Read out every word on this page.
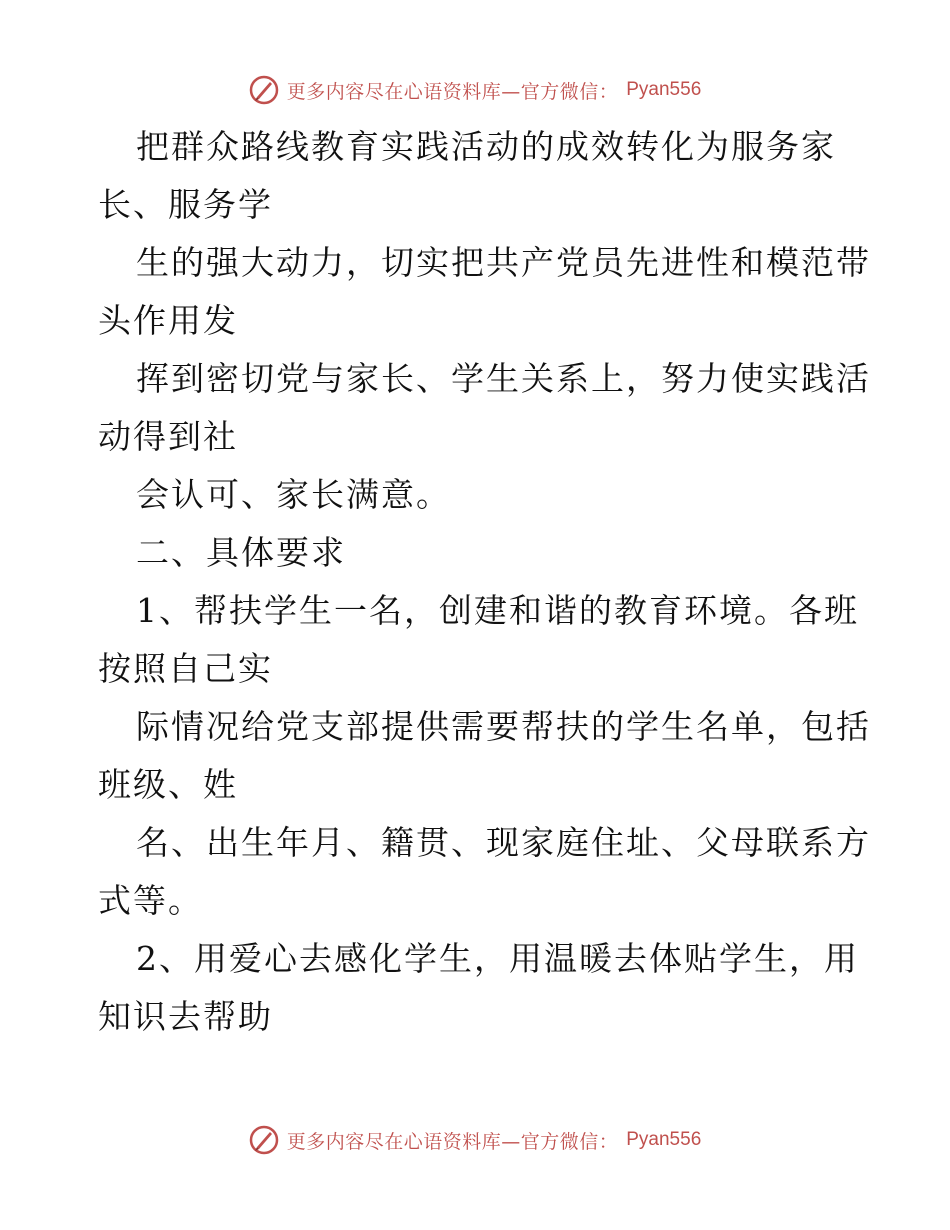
更多内容尽在心语资料库—官方微信： Pyan556
把群众路线教育实践活动的成效转化为服务家
长、服务学
生的强大动力，切实把共产党员先进性和模范带
头作用发
挥到密切党与家长、学生关系上，努力使实践活
动得到社
会认可、家长满意。
二、具体要求
1、帮扶学生一名，创建和谐的教育环境。各班
按照自己实
际情况给党支部提供需要帮扶的学生名单，包括
班级、姓
名、出生年月、籍贯、现家庭住址、父母联系方
式等。
2、用爱心去感化学生，用温暖去体贴学生，用
知识去帮助
更多内容尽在心语资料库—官方微信： Pyan556
